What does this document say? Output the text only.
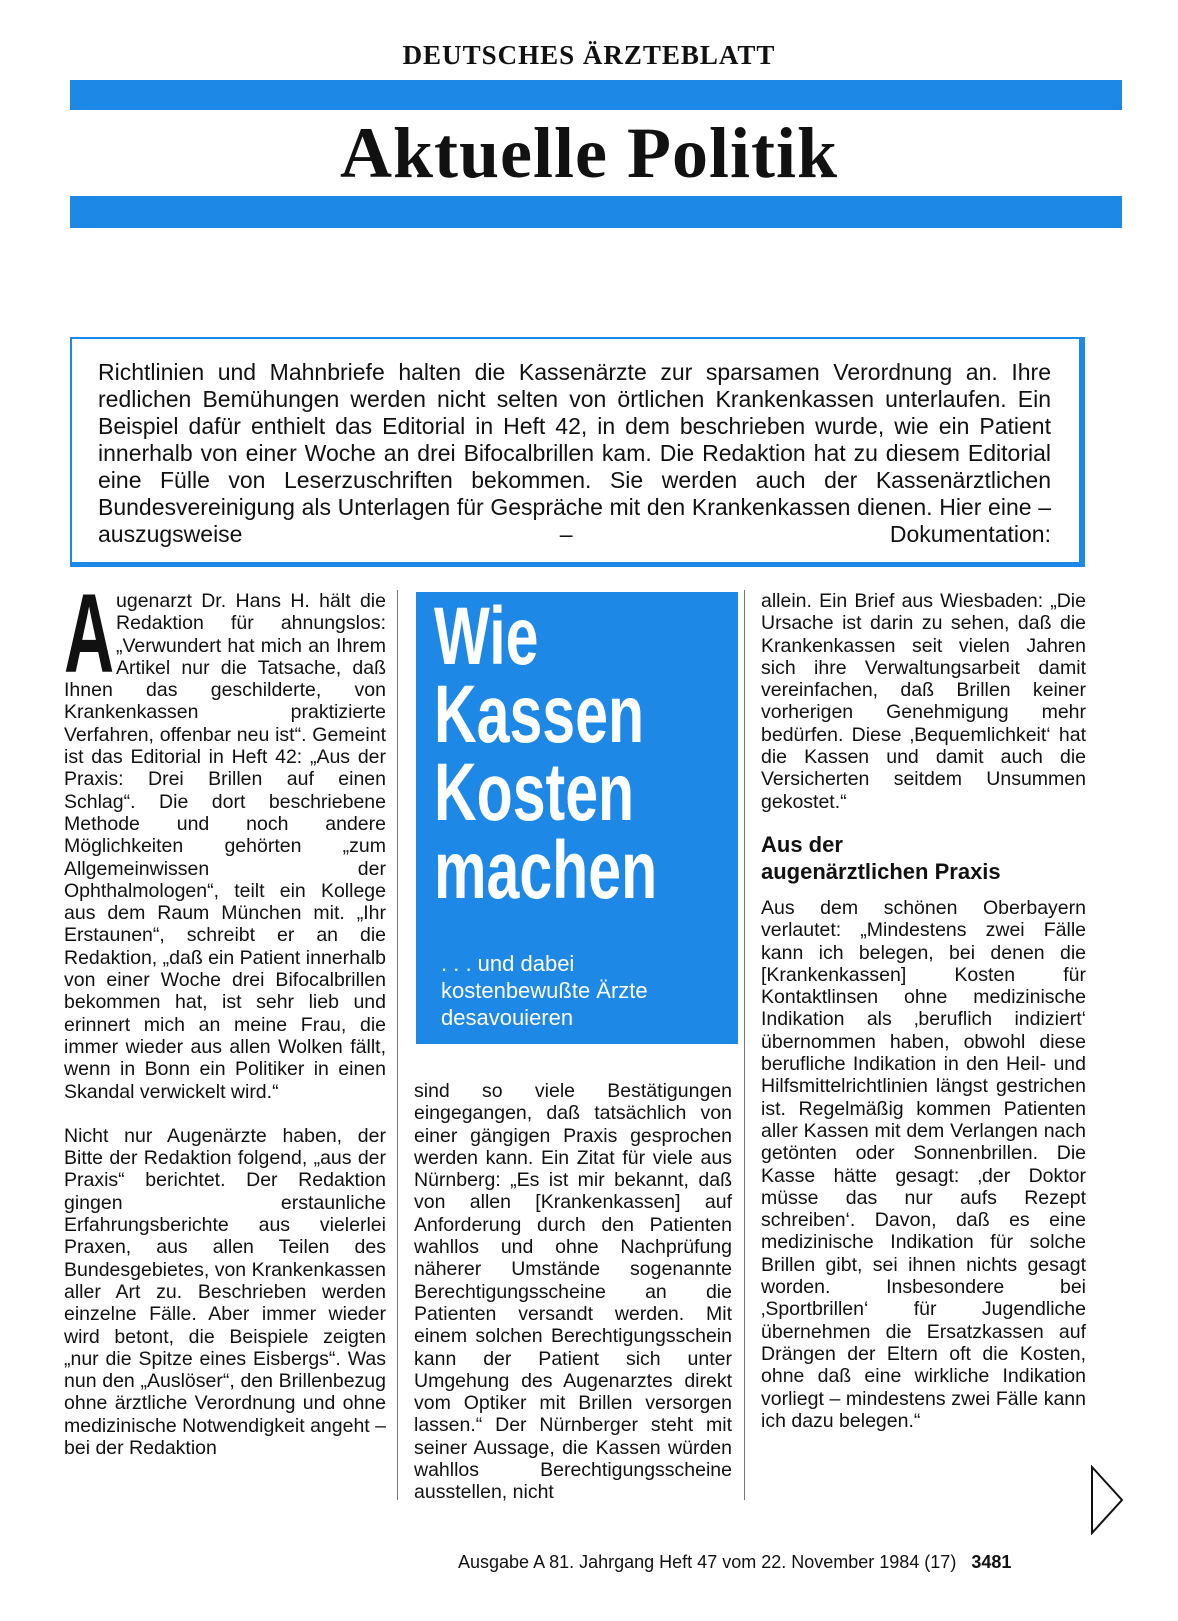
DEUTSCHES ÄRZTEBLATT
Aktuelle Politik
Richtlinien und Mahnbriefe halten die Kassenärzte zur sparsamen Verordnung an. Ihre redlichen Bemühungen werden nicht selten von örtlichen Krankenkassen unterlaufen. Ein Beispiel dafür enthielt das Editorial in Heft 42, in dem beschrieben wurde, wie ein Patient innerhalb von einer Woche an drei Bifocalbrillen kam. Die Redaktion hat zu diesem Editorial eine Fülle von Leserzuschriften bekommen. Sie werden auch der Kassenärztlichen Bundesvereinigung als Unterlagen für Gespräche mit den Krankenkassen dienen. Hier eine – auszugsweise – Dokumentation:

Augenarzt Dr. Hans H. hält die Redaktion für ahnungslos: „Verwundert hat mich an Ihrem Artikel nur die Tatsache, daß Ihnen das geschilderte, von Krankenkassen praktizierte Verfahren, offenbar neu ist“. Gemeint ist das Editorial in Heft 42: „Aus der Praxis: Drei Brillen auf einen Schlag“. Die dort beschriebene Methode und noch andere Möglichkeiten gehörten „zum Allgemeinwissen der Ophthalmologen“, teilt ein Kollege aus dem Raum München mit. „Ihr Erstaunen“, schreibt er an die Redaktion, „daß ein Patient innerhalb von einer Woche drei Bifocalbrillen bekommen hat, ist sehr lieb und erinnert mich an meine Frau, die immer wieder aus allen Wolken fällt, wenn in Bonn ein Politiker in einen Skandal verwickelt wird.“

Nicht nur Augenärzte haben, der Bitte der Redaktion folgend, „aus der Praxis“ berichtet. Der Redaktion gingen erstaunliche Erfahrungsberichte aus vielerlei Praxen, aus allen Teilen des Bundesgebietes, von Krankenkassen aller Art zu. Beschrieben werden einzelne Fälle. Aber immer wieder wird betont, die Beispiele zeigten „nur die Spitze eines Eisbergs“. Was nun den „Auslöser“, den Brillenbezug ohne ärztliche Verordnung und ohne medizinische Notwendigkeit angeht – bei der Redaktion

Wie
Kassen
Kosten
machen
. . . und dabei
kostenbewußte Ärzte
desavouieren

sind so viele Bestätigungen eingegangen, daß tatsächlich von einer gängigen Praxis gesprochen werden kann. Ein Zitat für viele aus Nürnberg: „Es ist mir bekannt, daß von allen [Krankenkassen] auf Anforderung durch den Patienten wahllos und ohne Nachprüfung näherer Umstände sogenannte Berechtigungsscheine an die Patienten versandt werden. Mit einem solchen Berechtigungsschein kann der Patient sich unter Umgehung des Augenarztes direkt vom Optiker mit Brillen versorgen lassen.“ Der Nürnberger steht mit seiner Aussage, die Kassen würden wahllos Berechtigungsscheine ausstellen, nicht

allein. Ein Brief aus Wiesbaden: „Die Ursache ist darin zu sehen, daß die Krankenkassen seit vielen Jahren sich ihre Verwaltungsarbeit damit vereinfachen, daß Brillen keiner vorherigen Genehmigung mehr bedürfen. Diese ‚Bequemlichkeit‘ hat die Kassen und damit auch die Versicherten seitdem Unsummen gekostet.“

Aus der
augenärztlichen Praxis

Aus dem schönen Oberbayern verlautet: „Mindestens zwei Fälle kann ich belegen, bei denen die [Krankenkassen] Kosten für Kontaktlinsen ohne medizinische Indikation als ‚beruflich indiziert‘ übernommen haben, obwohl diese berufliche Indikation in den Heil- und Hilfsmittelrichtlinien längst gestrichen ist. Regelmäßig kommen Patienten aller Kassen mit dem Verlangen nach getönten oder Sonnenbrillen. Die Kasse hätte gesagt: ‚der Doktor müsse das nur aufs Rezept schreiben‘. Davon, daß es eine medizinische Indikation für solche Brillen gibt, sei ihnen nichts gesagt worden. Insbesondere bei ‚Sportbrillen‘ für Jugendliche übernehmen die Ersatzkassen auf Drängen der Eltern oft die Kosten, ohne daß eine wirkliche Indikation vorliegt – mindestens zwei Fälle kann ich dazu belegen.“

Ausgabe A 81. Jahrgang Heft 47 vom 22. November 1984 (17) 3481
